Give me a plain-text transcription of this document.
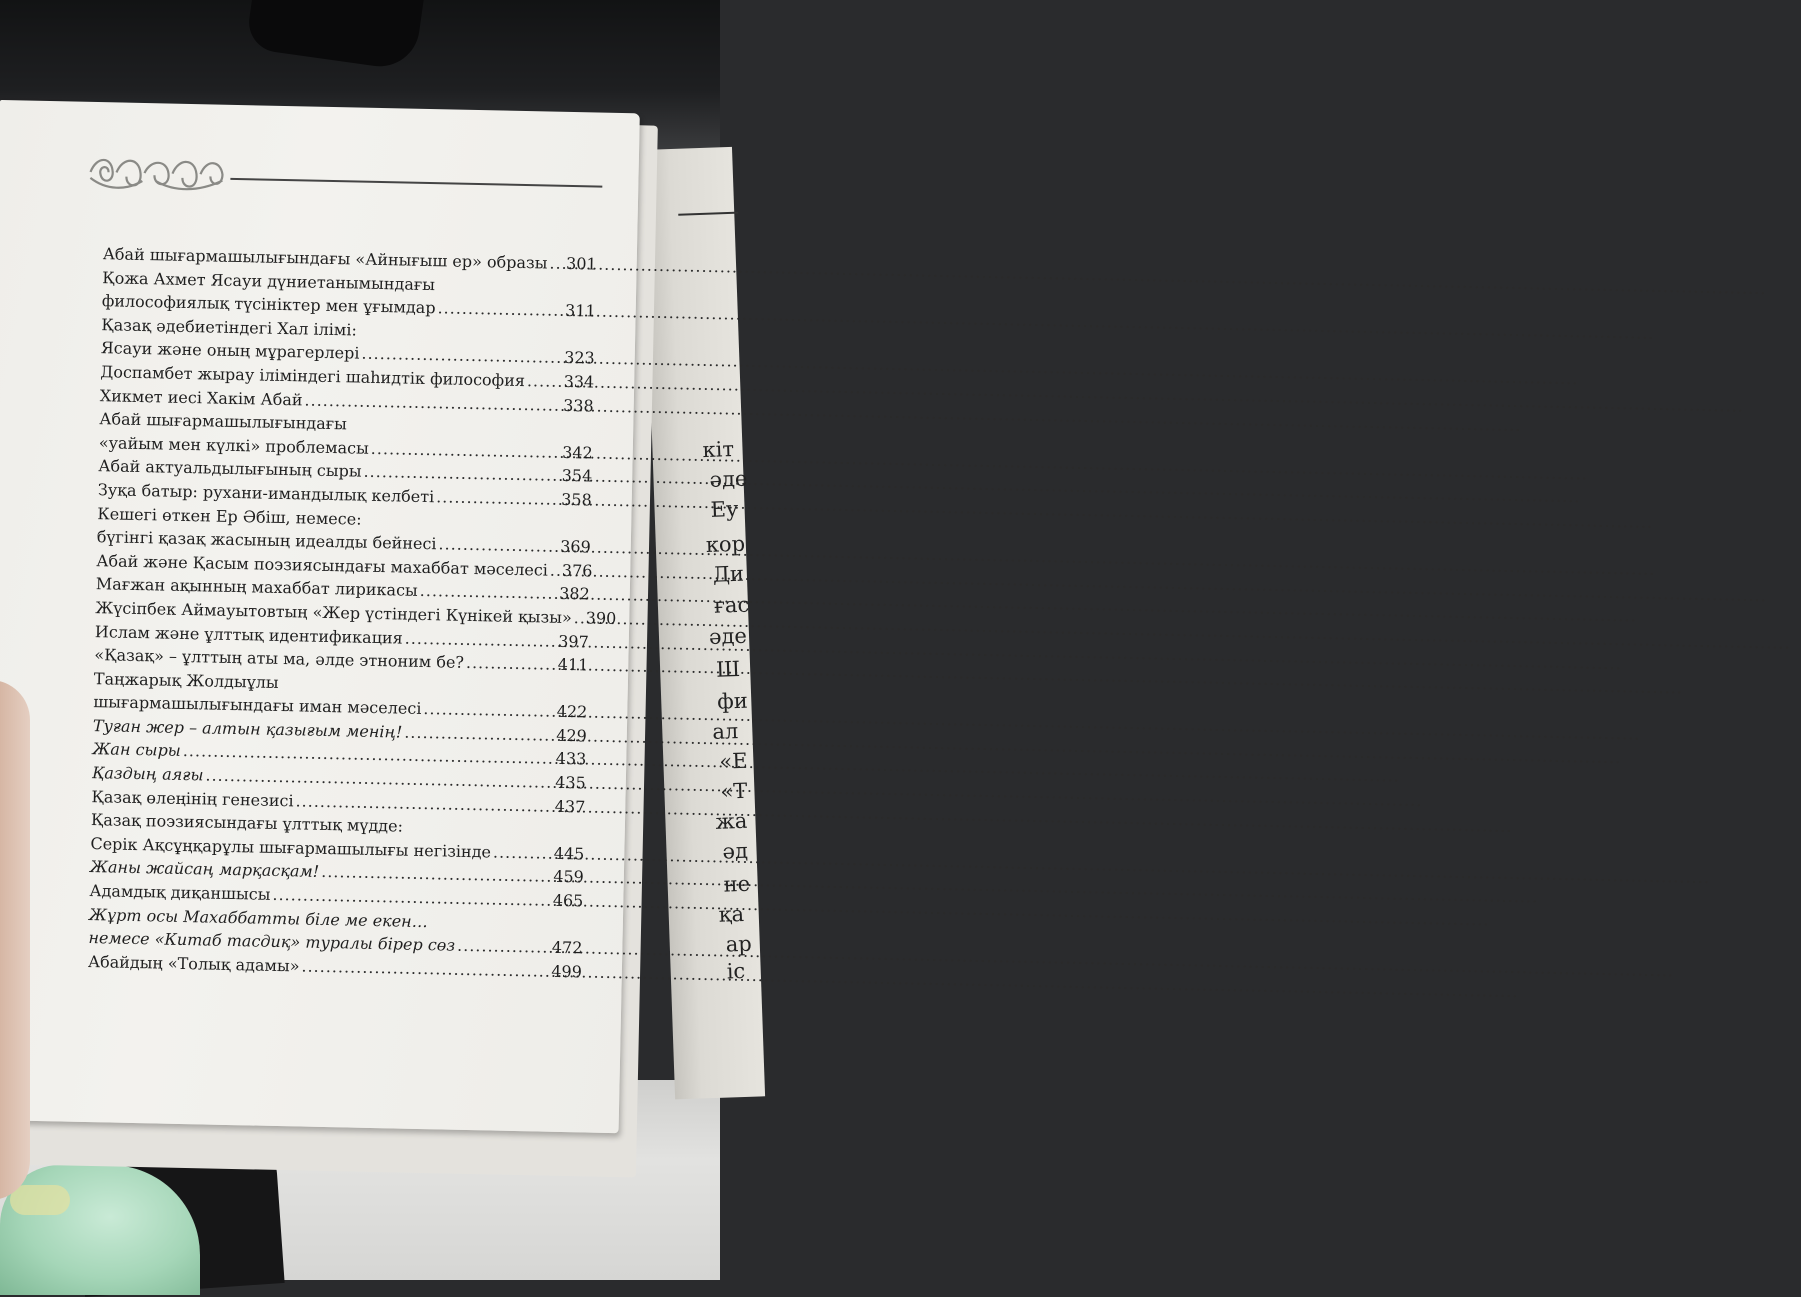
кіт
әде
Еу
кор
Ди
ғас
әде
Ш
фи
ал
«Е
«Т
жа
әд
не
қа
ар
іс
Абай шығармашылығындағы «Айнығыш ер» образы ..... 301
Қожа Ахмет Ясауи дүниетанымындағы
философиялық түсініктер мен ұғымдар .....	311
Қазақ әдебиетіндегі Хал ілімі:
Ясауи және оның мұрагерлері .....	323
Доспамбет жырау іліміндегі шаһидтік философия ..... 334
Хикмет иесі Хакім Абай .....	338
Абай шығармашылығындағы
«уайым мен күлкі» проблемасы .....	342
Абай актуальдылығының сыры .....	354
Зуқа батыр: рухани-имандылық келбеті .....	358
Кешегі өткен Ер Әбіш, немесе:
бүгінгі қазақ жасының идеалды бейнесі .....	369
Абай және Қасым поэзиясындағы махаббат мәселесі ..... 376
Мағжан ақынның махаббат лирикасы .....	382
Жүсіпбек Аймауытовтың «Жер үстіндегі Күнікей қызы» ..... 390
Ислам және ұлттық идентификация .....	397
«Қазақ» – ұлттың аты ма, әлде этноним бе? .....	411
Таңжарық Жолдыұлы
шығармашылығындағы иман мәселесі .....	422
Туған жер – алтын қазығым менің! .....	429
Жан сыры .....	433
Қаздың аяғы .....	435
Қазақ өлеңінің генезисі .....	437
Қазақ поэзиясындағы ұлттық мүдде:
Серік Ақсұңқарұлы шығармашылығы негізінде .....	445
Жаны жайсаң марқасқам! .....	459
Адамдық диқаншысы .....	465
Жұрт осы Махаббатты біле ме екен…
немесе «Китаб тасдиқ» туралы бірер сөз .....	472
Абайдың «Толық адамы» .....	499
